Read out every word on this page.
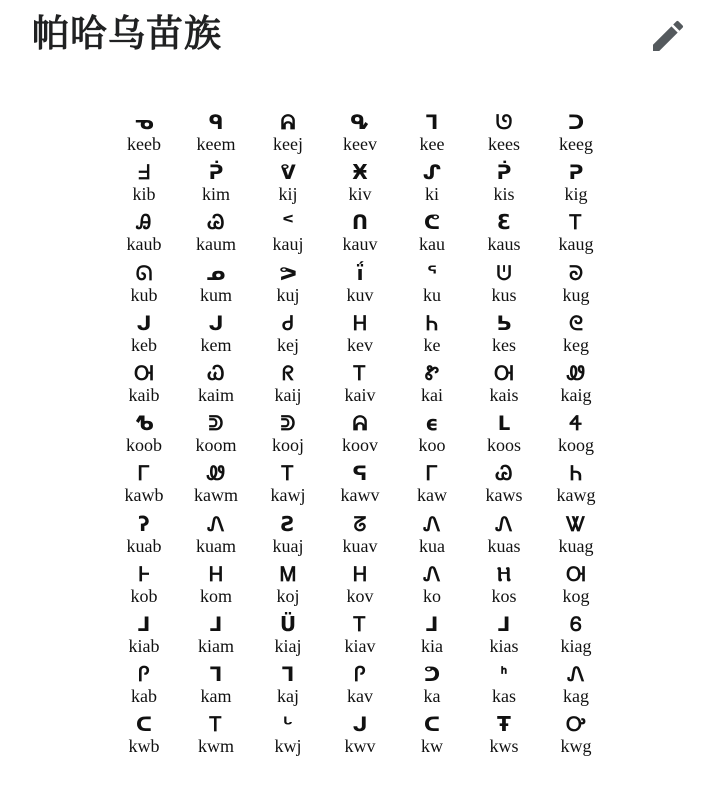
帕哈乌苗族
ᓀ
keeb
ᑫ
keem
ᕱ
keej
ᕴ
keev
ᒣ
kee
ᘎ
kees
ᑐ
keeg
ᖵ
kib
ᕉ
kim
ᕓ
kij
Ӿ
kiv
ᔑ
ki
ᕉ
kis
ᕈ
kig
Ꭿ
kaub
Ꮚ
kaum
ᑉ
kauj
ᑎ
kauv
ᕦ
kau
Ɛ
kaus
Ꭲ
kaug
ᘏ
kub
ᓄ
kum
ᕗ
kuj
ḯ
kuv
ᕐ
ku
ᕫ
kus
ᘐ
kug
ᒍ
keb
ᒍ
kem
Ꮷ
kej
Ꮋ
kev
Ꮒ
ke
ᕊ
kes
ᘓ
keg
Ꮊ
kaib
Ꮗ
kaim
ᖇ
kaij
Ꭲ
kaiv
Ꮡ
kai
Ꮊ
kais
Ꮺ
kaig
ᕹ
koob
ᕲ
koom
ᕲ
kooj
ᕱ
koov
ϵ
koo
ᒪ
koos
Ꮞ
koog
Ꮁ
kawb
Ꮺ
kawm
Ꭲ
kawj
ᕋ
kawv
Ꮁ
kaw
Ꮚ
kaws
Ꮒ
kawg
ʔ
kuab
Ꮑ
kuam
Ƨ
kuaj
ᘔ
kuav
Ꮑ
kua
Ꮑ
kuas
Ꮤ
kuag
Ꮀ
kob
Ꮋ
kom
Ꮇ
koj
Ꮋ
kov
Ꮑ
ko
Ⲏ
kos
Ꮊ
kog
ᒧ
kiab
ᒧ
kiam
Ü
kiaj
Ꭲ
kiav
ᒧ
kia
ᒧ
kias
Ꮾ
kiag
Ꮅ
kab
ᒣ
kam
ᒣ
kaj
Ꮅ
kav
ᕤ
ka
ᑋ
kas
Ꮑ
kag
ᑕ
kwb
Ꭲ
kwm
ᒡ
kwj
ᒍ
kwv
ᑕ
kw
Ŧ
kws
Ꭴ
kwg
